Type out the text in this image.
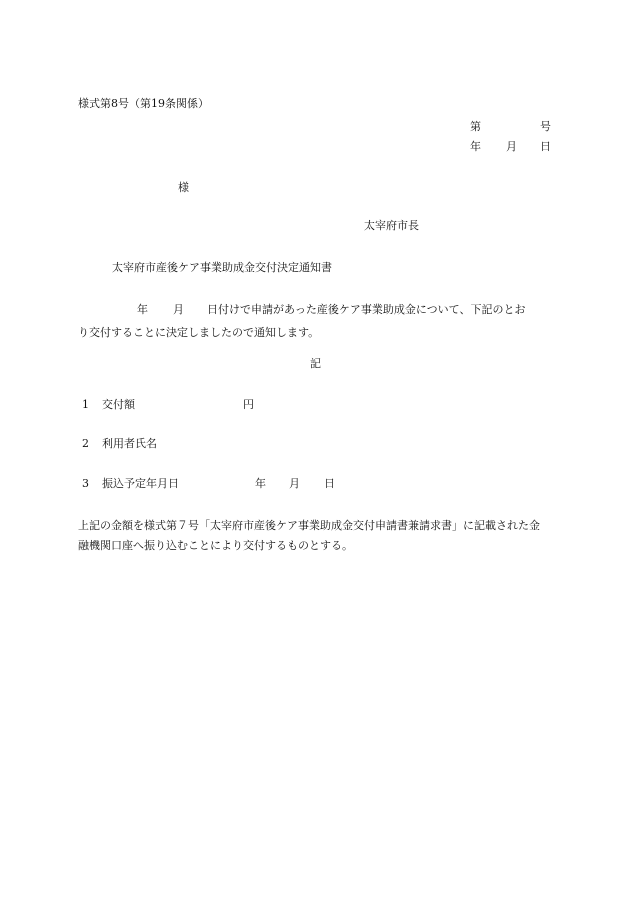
様式第8号（第19条関係）
第	号
年 月 日
様
太宰府市長
太宰府市産後ケア事業助成金交付決定通知書
年 月 日付けで申請があった産後ケア事業助成金について、下記のとお
り交付することに決定しましたので通知します。
記
1 交付額	円
2 利用者氏名
3 振込予定年月日	年 月 日
上記の金額を様式第７号「太宰府市産後ケア事業助成金交付申請書兼請求書」に記載された金
融機関口座へ振り込むことにより交付するものとする。
